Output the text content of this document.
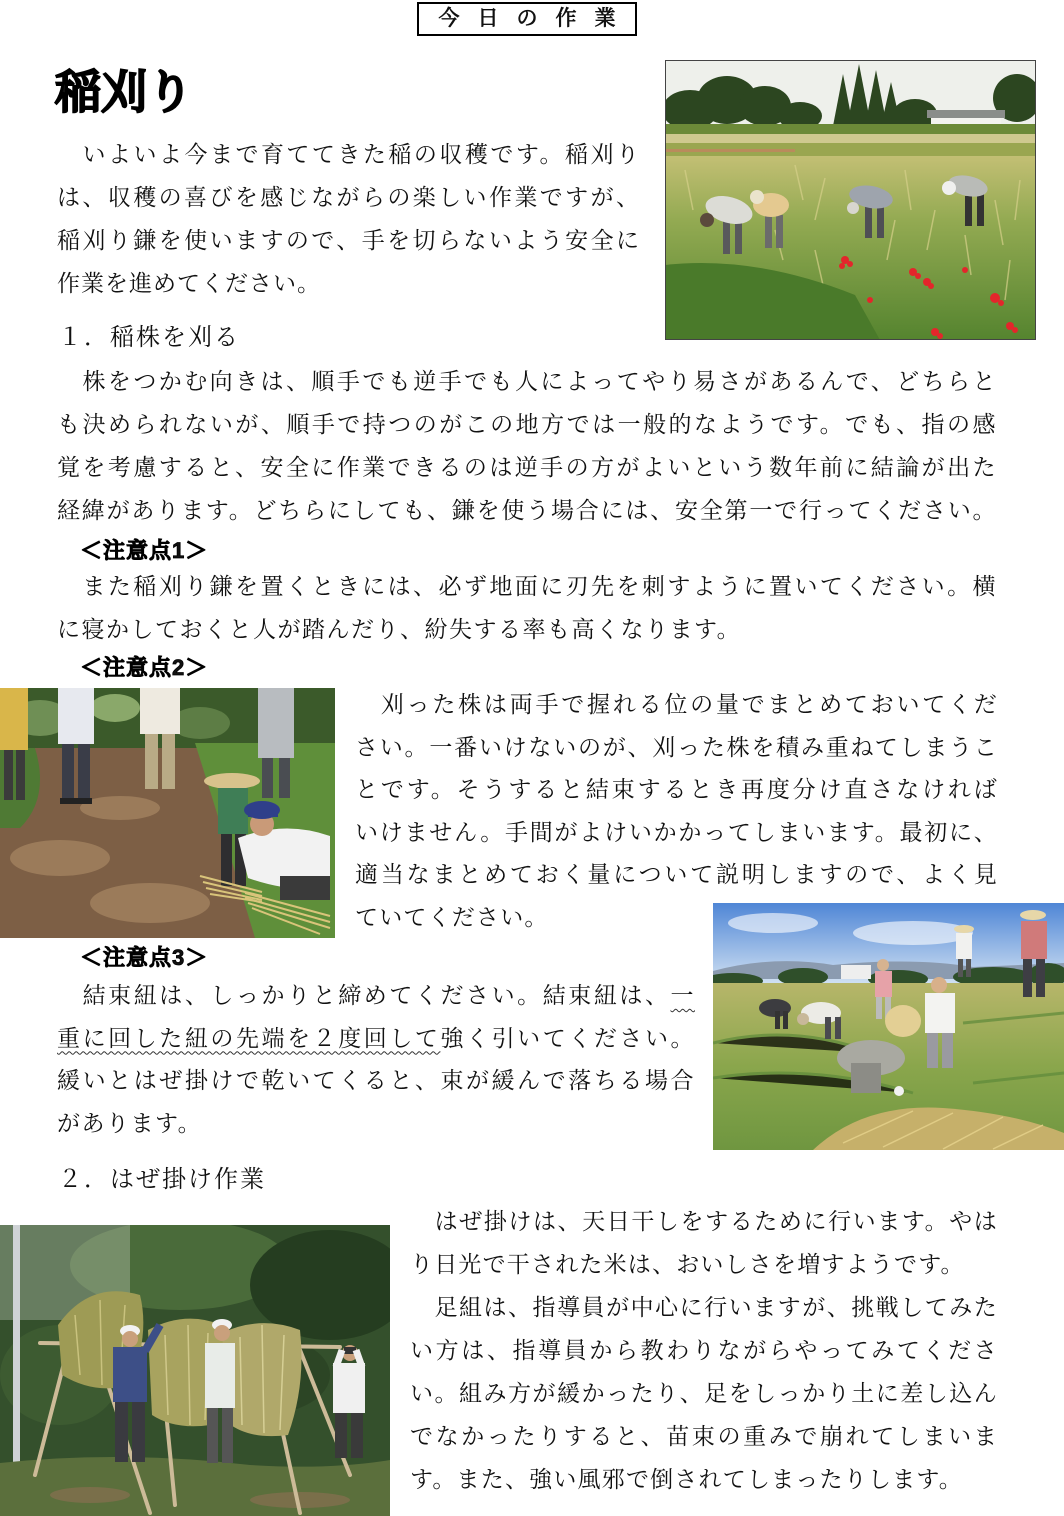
今日の作業
稲刈り
　いよいよ今まで育ててきた稲の収穫です。稲刈り
は、収穫の喜びを感じながらの楽しい作業ですが、
稲刈り鎌を使いますので、手を切らないよう安全に
作業を進めてください。
１．稲株を刈る
　株をつかむ向きは、順手でも逆手でも人によってやり易さがあるんで、どちらと
も決められないが、順手で持つのがこの地方では一般的なようです。でも、指の感
覚を考慮すると、安全に作業できるのは逆手の方がよいという数年前に結論が出た
経緯があります。どちらにしても、鎌を使う場合には、安全第一で行ってください。
＜注意点1＞
　また稲刈り鎌を置くときには、必ず地面に刃先を刺すように置いてください。横
に寝かしておくと人が踏んだり、紛失する率も高くなります。
＜注意点2＞
　刈った株は両手で握れる位の量でまとめておいてくだ
さい。一番いけないのが、刈った株を積み重ねてしまうこ
とです。そうすると結束するとき再度分け直さなければ
いけません。手間がよけいかかってしまいます。最初に、
適当なまとめておく量について説明しますので、よく見
ていてください。
＜注意点3＞
　結束紐は、しっかりと締めてください。結束紐は、一
重に回した紐の先端を２度回して強く引いてください。
緩いとはぜ掛けで乾いてくると、束が緩んで落ちる場合
があります。
２．はぜ掛け作業
　はぜ掛けは、天日干しをするために行います。やは
り日光で干された米は、おいしさを増すようです。
　足組は、指導員が中心に行いますが、挑戦してみた
い方は、指導員から教わりながらやってみてくださ
い。組み方が緩かったり、足をしっかり土に差し込ん
でなかったりすると、苗束の重みで崩れてしまいま
す。また、強い風邪で倒されてしまったりします。
